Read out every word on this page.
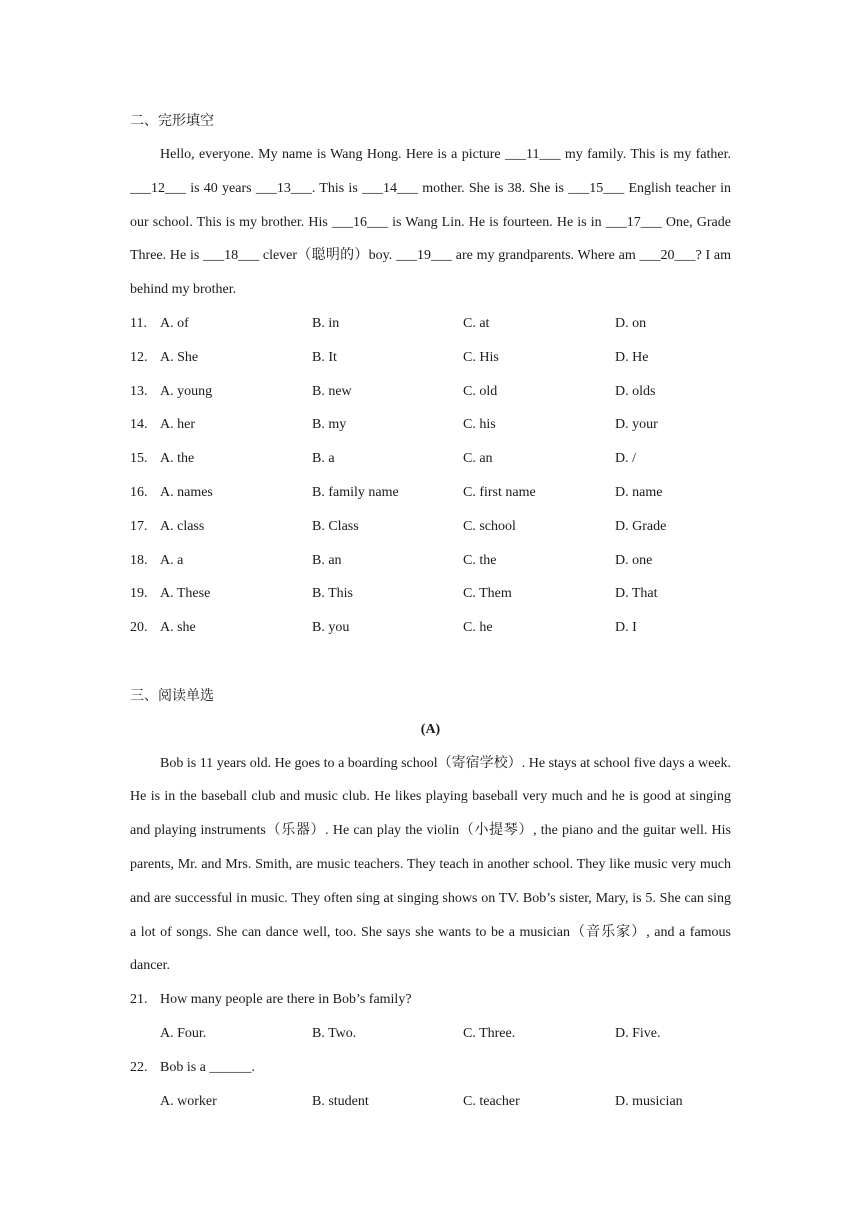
二、完形填空

Hello, everyone. My name is Wang Hong. Here is a picture ___11___ my family. This is my father. ___12___ is 40 years ___13___. This is ___14___ mother. She is 38. She is ___15___ English teacher in our school. This is my brother. His ___16___ is Wang Lin. He is fourteen. He is in ___17___ One, Grade Three. He is ___18___ clever（聪明的）boy. ___19___ are my grandparents. Where am ___20___? I am behind my brother.

11. A. of	B. in	C. at	D. on
12. A. She	B. It	C. His	D. He
13. A. young	B. new	C. old	D. olds
14. A. her	B. my	C. his	D. your
15. A. the	B. a	C. an	D. /
16. A. names	B. family name	C. first name	D. name
17. A. class	B. Class	C. school	D. Grade
18. A. a	B. an	C. the	D. one
19. A. These	B. This	C. Them	D. That
20. A. she	B. you	C. he	D. I
三、阅读单选
(A)

Bob is 11 years old. He goes to a boarding school（寄宿学校）. He stays at school five days a week. He is in the baseball club and music club. He likes playing baseball very much and he is good at singing and playing instruments（乐器）. He can play the violin（小提琴）, the piano and the guitar well. His parents, Mr. and Mrs. Smith, are music teachers. They teach in another school. They like music very much and are successful in music. They often sing at singing shows on TV. Bob’s sister, Mary, is 5. She can sing a lot of songs. She can dance well, too. She says she wants to be a musician（音乐家）, and a famous dancer.

21. How many people are there in Bob’s family?
A. Four.	B. Two.	C. Three.	D. Five.
22. Bob is a ______.
A. worker	B. student	C. teacher	D. musician
